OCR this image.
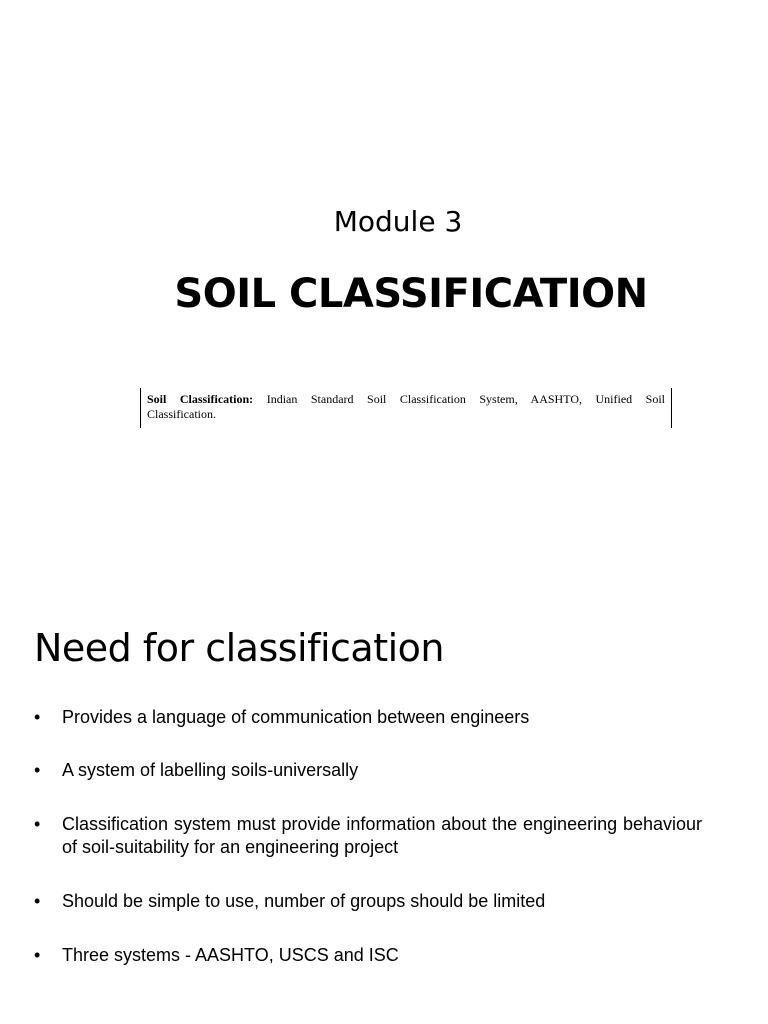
Module 3
SOIL CLASSIFICATION
Soil Classification: Indian Standard Soil Classification System, AASHTO, Unified Soil
Classification.
Need for classification
•	Provides a language of communication between engineers
•	A system of labelling soils-universally
•	Classification system must provide information about the engineering behaviour of soil-suitability for an engineering project
•	Should be simple to use, number of groups should be limited
•	Three systems - AASHTO, USCS and ISC
